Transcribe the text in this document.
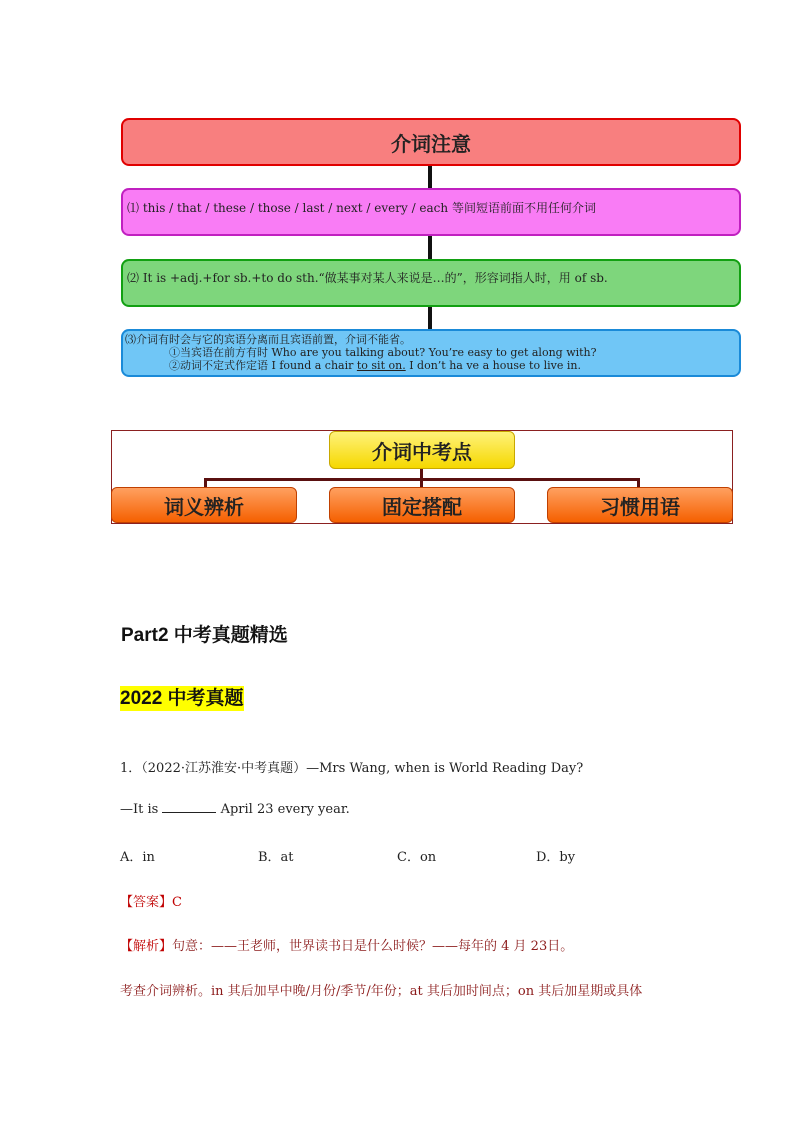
介词注意
⑴ this / that / these / those / last / next / every / each 等间短语前面不用任何介词
⑵ It is +adj.+for sb.+to do sth.“做某事对某人来说是…的”，形容词指人时，用 of sb.
⑶介词有时会与它的宾语分离而且宾语前置，介词不能省。
①当宾语在前方有时 Who are you talking about? You’re easy to get along with?
②动词不定式作定语 I found a chair to sit on. I don’t ha ve a house to live in.
介词中考点
词义辨析	固定搭配	习惯用语
Part2 中考真题精选
2022 中考真题
1．（2022·江苏淮安·中考真题）—Mrs Wang, when is World Reading Day?
—It is	April 23 every year.
A．in	B．at	C．on	D．by
【答案】C
【解析】句意：——王老师，世界读书日是什么时候？——每年的 4 月 23日。
考查介词辨析。in 其后加早中晚/月份/季节/年份；at 其后加时间点；on 其后加星期或具体
